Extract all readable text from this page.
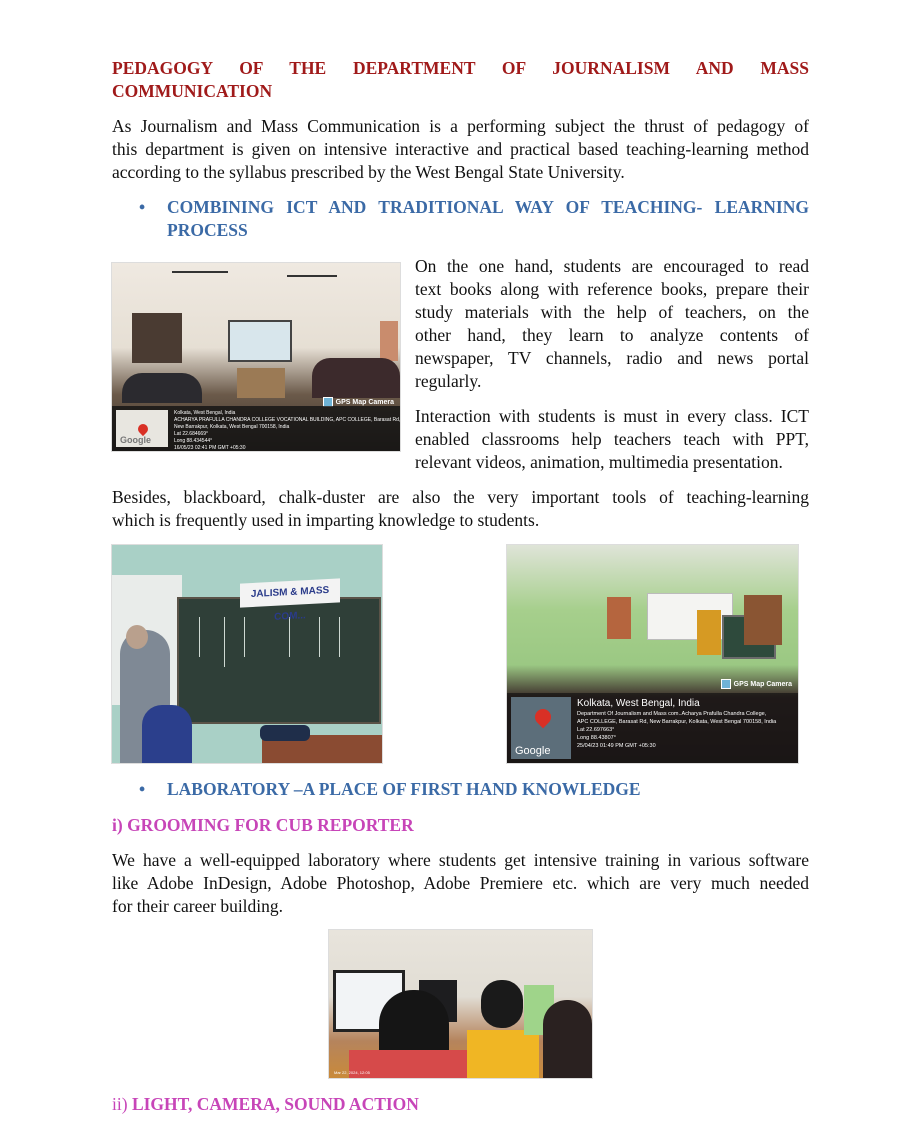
PEDAGOGY OF THE DEPARTMENT OF JOURNALISM AND MASS
COMMUNICATION
As Journalism and Mass Communication is a performing subject the thrust of pedagogy of
this department is given on intensive interactive and practical based teaching-learning method
according to the syllabus prescribed by the West Bengal State University.
• COMBINING ICT AND TRADITIONAL WAY OF TEACHING- LEARNING
PROCESS
GPS Map Camera
Google
Kolkata, West Bengal, India
ACHARYA PRAFULLA CHANDRA COLLEGE VOCATIONAL BUILDING, APC COLLEGE, Barasat Rd,
New Barrakpur, Kolkata, West Bengal 700158, India
Lat 22.684669°
Long 88.434544°
16/05/23 02:41 PM GMT +05:30
On the one hand, students are encouraged to read
text books along with reference books, prepare their
study materials with the help of teachers, on the
other hand, they learn to analyze contents of
newspaper, TV channels, radio and news portal
regularly.
Interaction with students is must in every class. ICT
enabled classrooms help teachers teach with PPT,
relevant videos, animation, multimedia presentation.
Besides, blackboard, chalk-duster are also the very important tools of teaching-learning
which is frequently used in imparting knowledge to students.
JALISM & MASS COM...
GPS Map Camera
Google
Kolkata, West Bengal, India
Department Of Journalism and Mass com..Acharya Prafulla Chandra College,
APC COLLEGE, Barasat Rd, New Barrakpur, Kolkata, West Bengal 700158, India
Lat 22.697663°
Long 88.43807°
25/04/23 01:49 PM GMT +05:30
• LABORATORY –A PLACE OF FIRST HAND KNOWLEDGE
i) GROOMING FOR CUB REPORTER
We have a well-equipped laboratory where students get intensive training in various software
like Adobe InDesign, Adobe Photoshop, Adobe Premiere etc. which are very much needed
for their career building.
Mar 22, 2024, 12:05
ii) LIGHT, CAMERA, SOUND ACTION
